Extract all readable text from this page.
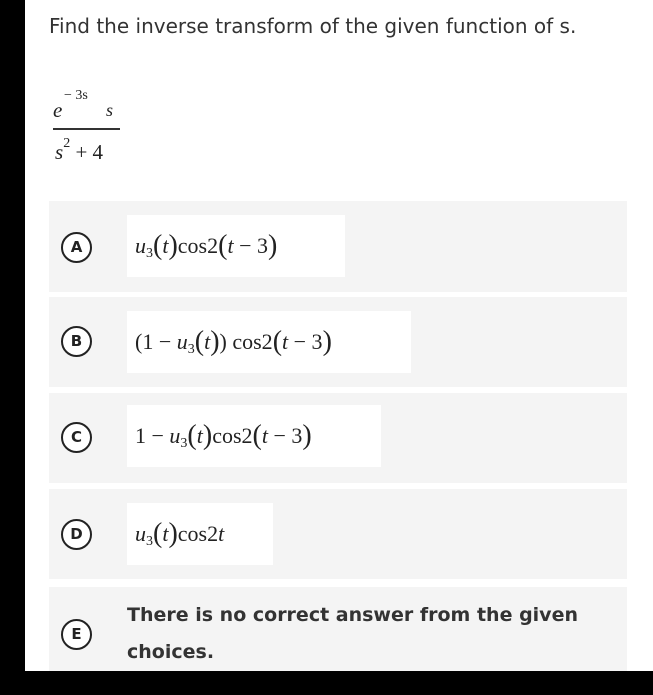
Find the inverse transform of the given function of s.
e
− 3s
s
$s^2 + 4$
A	u 3 ( t ) cos2 ( t
− 3 )
B	( 1 −
u 3 ( t ) ) cos2 ( t
− 3 )
C	1 −
u 3 ( t ) cos2 ( t
− 3 )
D	u 3 ( t ) cos2 t
E
There is no correct answer from the given choices.
